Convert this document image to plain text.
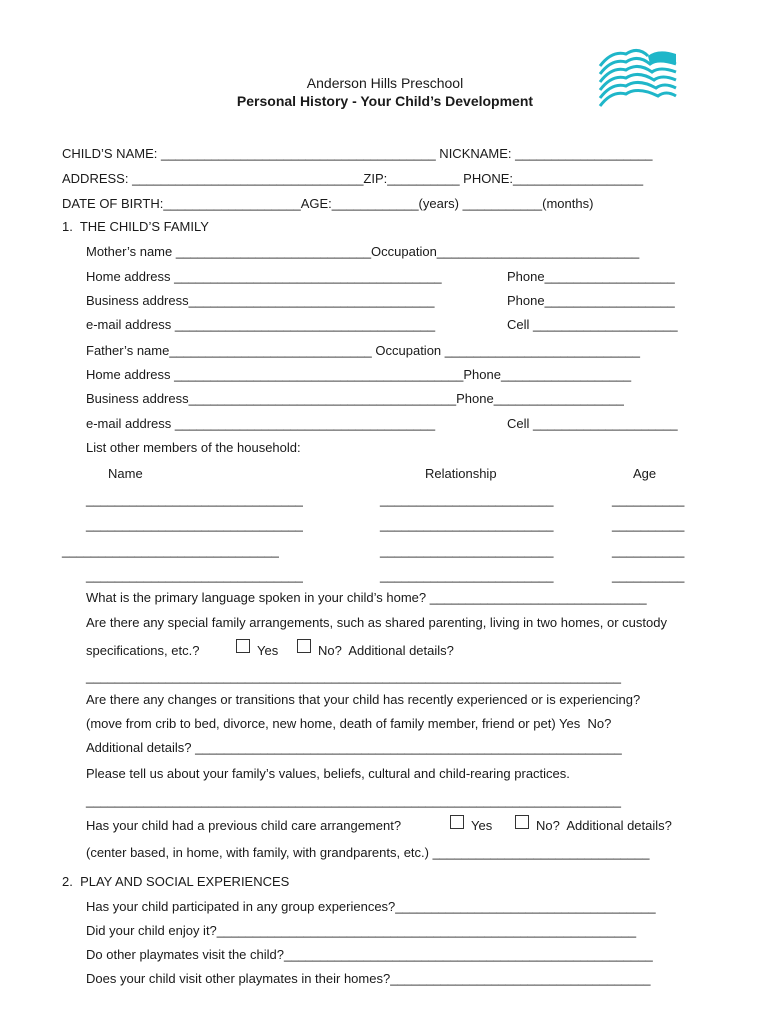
Anderson Hills Preschool
Personal History - Your Child’s Development
CHILD’S NAME: ______________________________________ NICKNAME: ___________________
ADDRESS: ________________________________ZIP:__________ PHONE:__________________
DATE OF BIRTH:___________________AGE:____________(years) ___________(months)
1.  THE CHILD’S FAMILY
Mother’s name ___________________________Occupation____________________________
Home address _____________________________________	Phone__________________
Business address__________________________________	Phone__________________
e-mail address ____________________________________	Cell ____________________
Father’s name____________________________ Occupation ___________________________
Home address ________________________________________Phone__________________
Business address_____________________________________Phone__________________
e-mail address ____________________________________	Cell ____________________
List other members of the household:
Name	Relationship	Age
______________________________	________________________	__________
______________________________	________________________	__________
______________________________	________________________	__________
______________________________	________________________	__________
What is the primary language spoken in your child’s home? ______________________________
Are there any special family arrangements, such as shared parenting, living in two homes, or custody
specifications, etc.?	Yes	No?  Additional details?
__________________________________________________________________________
Are there any changes or transitions that your child has recently experienced or is experiencing?
(move from crib to bed, divorce, new home, death of family member, friend or pet) Yes  No?
Additional details? ___________________________________________________________
Please tell us about your family’s values, beliefs, cultural and child-rearing practices.
__________________________________________________________________________
Has your child had a previous child care arrangement?	Yes	No?  Additional details?
(center based, in home, with family, with grandparents, etc.) ______________________________
2.  PLAY AND SOCIAL EXPERIENCES
Has your child participated in any group experiences?____________________________________
Did your child enjoy it?__________________________________________________________
Do other playmates visit the child?___________________________________________________
Does your child visit other playmates in their homes?____________________________________
